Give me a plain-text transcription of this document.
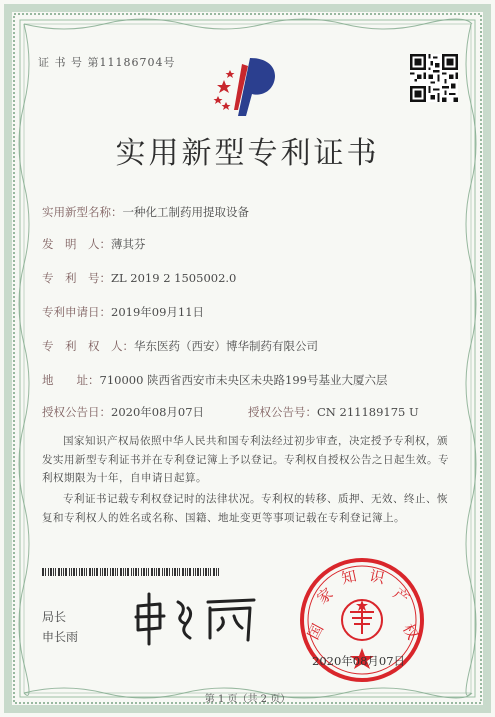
证 书 号 第11186704号
实用新型专利证书
实用新型名称：一种化工制药用提取设备
发　明　人：薄其芬
专　利　号：ZL 2019 2 1505002.0
专利申请日：2019年09月11日
专　利　权　人：华东医药（西安）博华制药有限公司
地　　址：710000 陕西省西安市未央区未央路199号基业大厦六层
授权公告日：2020年08月07日	授权公告号：CN 211189175 U
国家知识产权局依照中华人民共和国专利法经过初步审查，决定授予专利权，颁发实用新型专利证书并在专利登记簿上予以登记。专利权自授权公告之日起生效。专利权期限为十年，自申请日起算。
专利证书记载专利权登记时的法律状况。专利权的转移、质押、无效、终止、恢复和专利权人的姓名或名称、国籍、地址变更等事项记载在专利登记簿上。
局长
申长雨	国
家
知 识
产
权
2020年08月07日
第 1 页（共 2 页）
